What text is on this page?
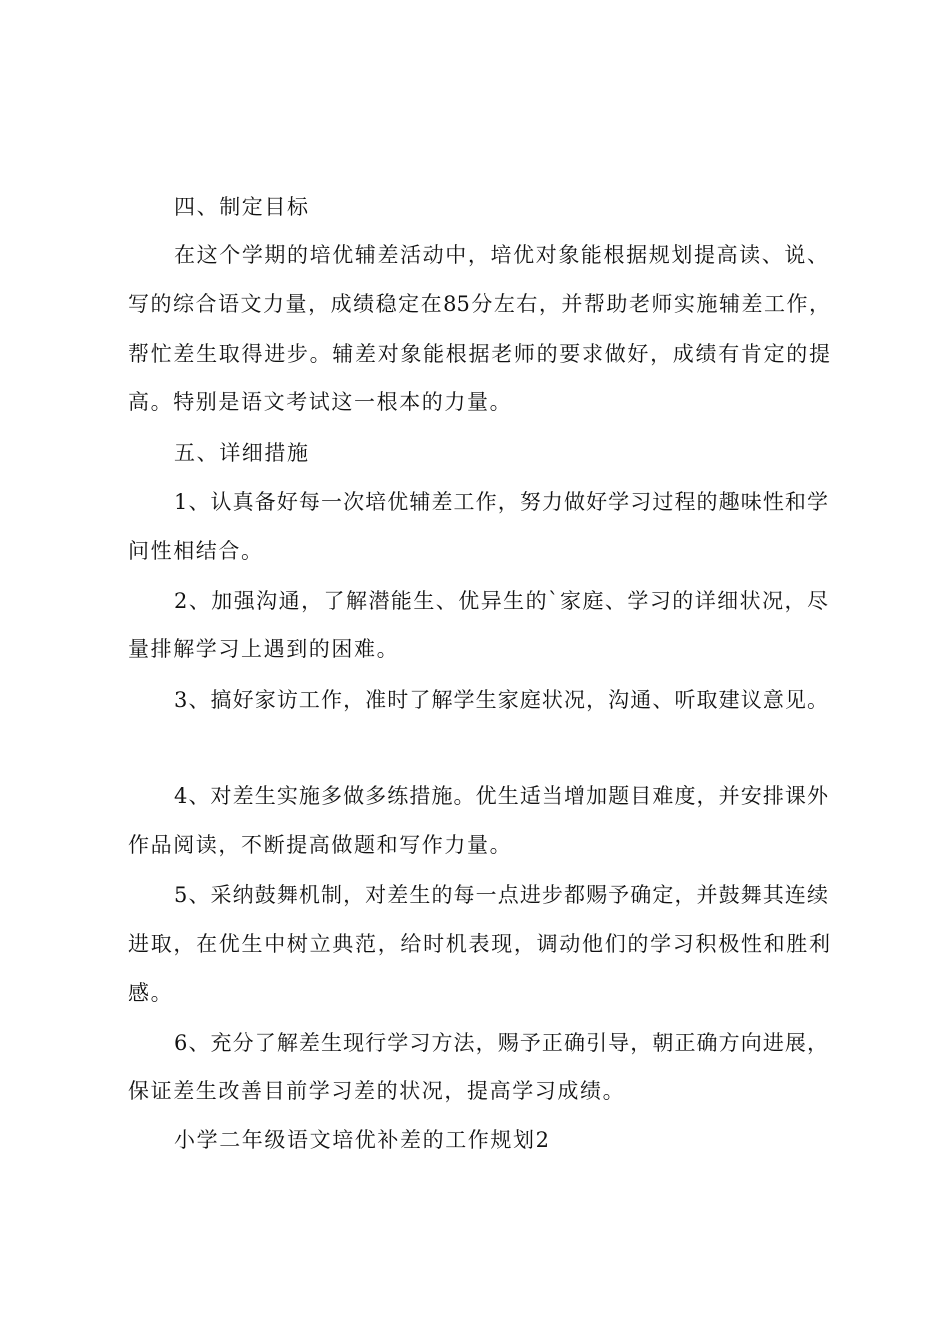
四、制定目标
在这个学期的培优辅差活动中，培优对象能根据规划提高读、说、
写的综合语文力量，成绩稳定在85分左右，并帮助老师实施辅差工作，
帮忙差生取得进步。辅差对象能根据老师的要求做好，成绩有肯定的提
高。特别是语文考试这一根本的力量。
五、详细措施
1、认真备好每一次培优辅差工作，努力做好学习过程的趣味性和学
问性相结合。
2、加强沟通，了解潜能生、优异生的`家庭、学习的详细状况，尽
量排解学习上遇到的困难。
3、搞好家访工作，准时了解学生家庭状况，沟通、听取建议意见。
4、对差生实施多做多练措施。优生适当增加题目难度，并安排课外
作品阅读，不断提高做题和写作力量。
5、采纳鼓舞机制，对差生的每一点进步都赐予确定，并鼓舞其连续
进取，在优生中树立典范，给时机表现，调动他们的学习积极性和胜利
感。
6、充分了解差生现行学习方法，赐予正确引导，朝正确方向进展，
保证差生改善目前学习差的状况，提高学习成绩。
小学二年级语文培优补差的工作规划2
